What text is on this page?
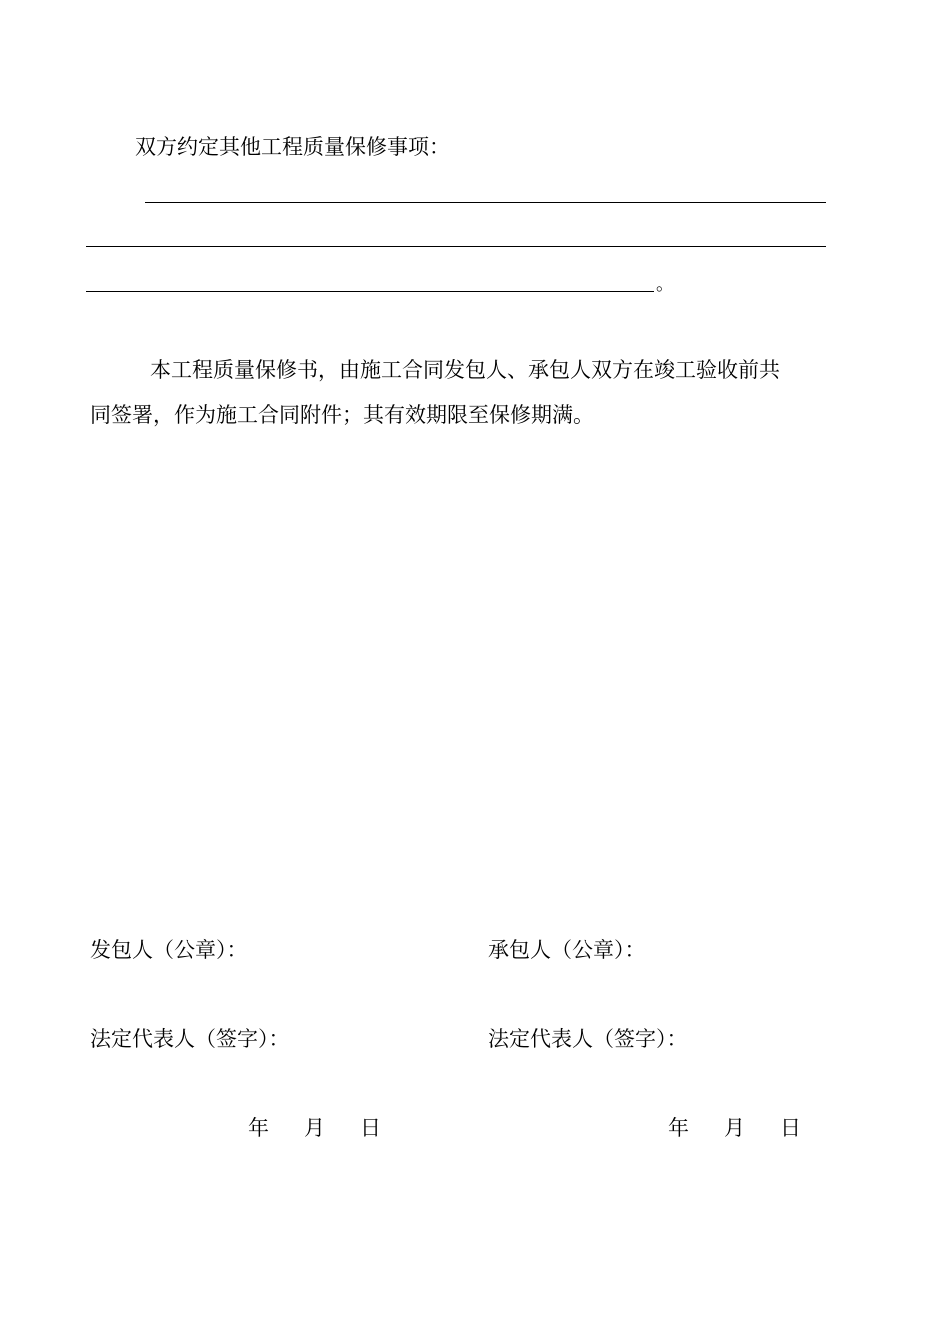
双方约定其他工程质量保修事项：
。
本工程质量保修书，由施工合同发包人、承包人双方在竣工验收前共
同签署，作为施工合同附件；其有效期限至保修期满。
发包人（公章）：	承包人（公章）：
法定代表人（签字）：	法定代表人（签字）：
年 月 日	年 月 日
